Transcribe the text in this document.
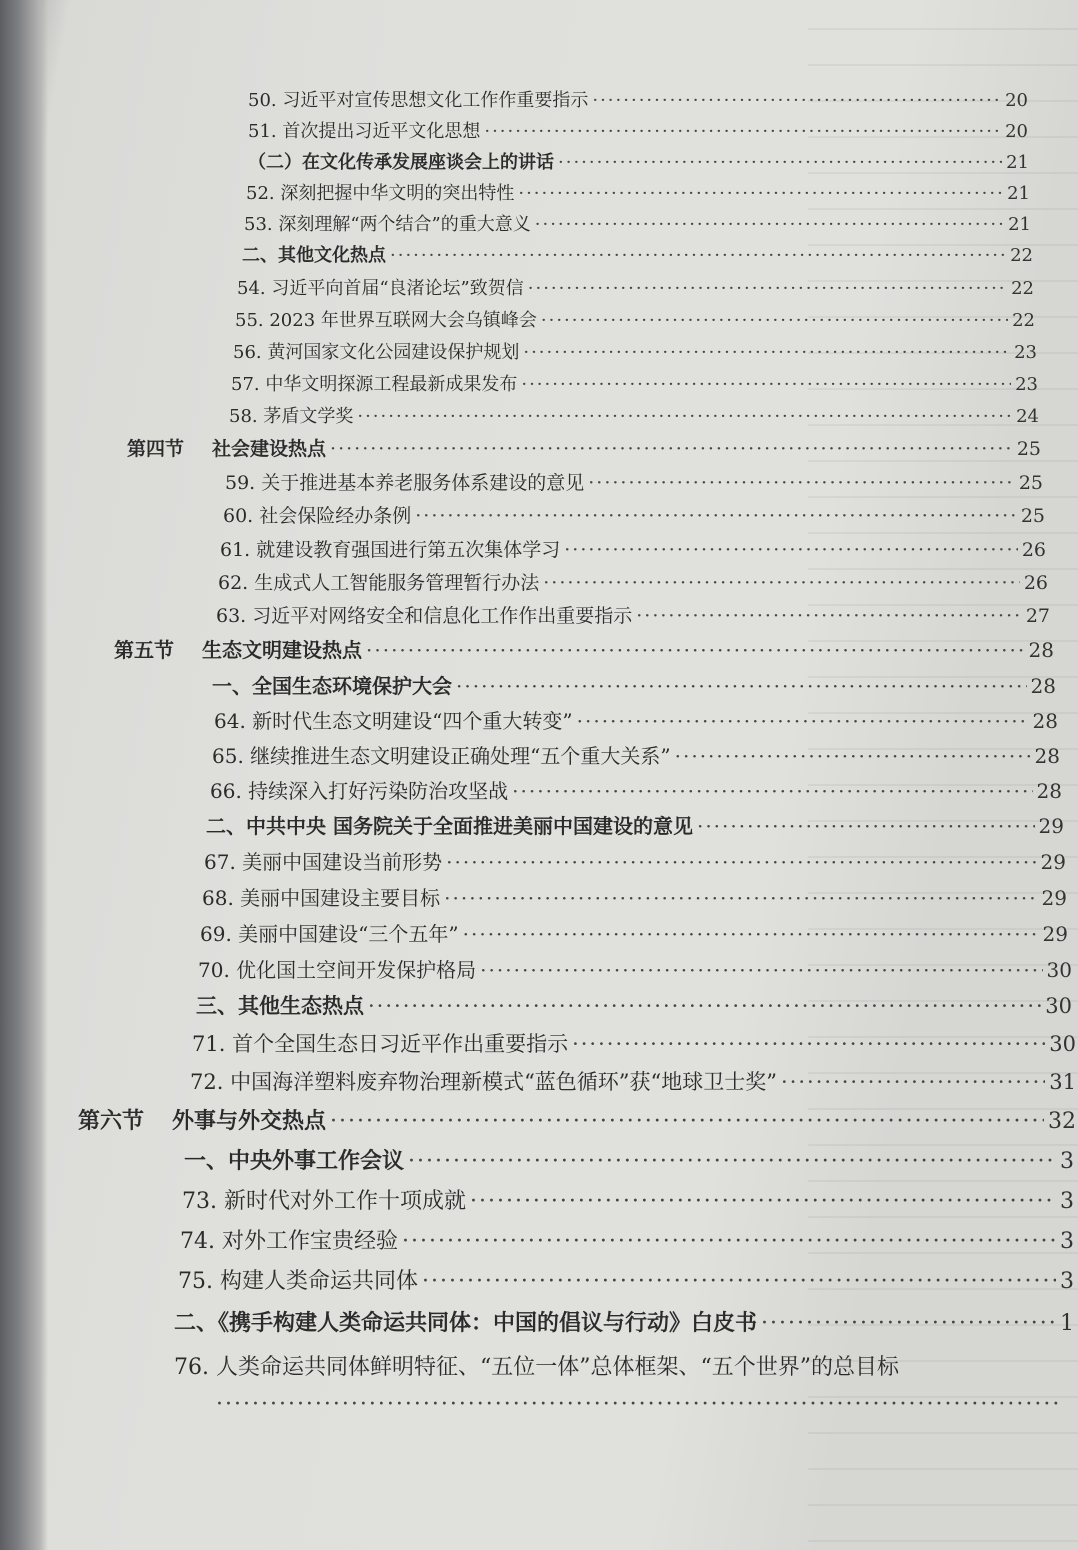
50. 习近平对宣传思想文化工作作重要指示 ·····	20
51. 首次提出习近平文化思想 ·····	20
（二）在文化传承发展座谈会上的讲话 ·····	21
52. 深刻把握中华文明的突出特性 ·····	21
53. 深刻理解“两个结合”的重大意义 ·····	21
二、其他文化热点 ·····	22
54. 习近平向首届“良渚论坛”致贺信 ·····	22
55. 2023 年世界互联网大会乌镇峰会 ·····	22
56. 黄河国家文化公园建设保护规划 ·····	23
57. 中华文明探源工程最新成果发布 ·····	23
58. 茅盾文学奖 ·····	24
第四节 社会建设热点 ·····	25
59. 关于推进基本养老服务体系建设的意见 ·····	25
60. 社会保险经办条例 ·····	25
61. 就建设教育强国进行第五次集体学习 ·····	26
62. 生成式人工智能服务管理暂行办法 ·····	26
63. 习近平对网络安全和信息化工作作出重要指示 ·····	27
第五节 生态文明建设热点 ·····	28
一、全国生态环境保护大会 ·····	28
64. 新时代生态文明建设“四个重大转变” ·····	28
65. 继续推进生态文明建设正确处理“五个重大关系” ·····	28
66. 持续深入打好污染防治攻坚战 ·····	28
二、中共中央 国务院关于全面推进美丽中国建设的意见 ·····	29
67. 美丽中国建设当前形势 ·····	29
68. 美丽中国建设主要目标 ·····	29
69. 美丽中国建设“三个五年” ·····	29
70. 优化国土空间开发保护格局 ·····	30
三、其他生态热点 ·····	30
71. 首个全国生态日习近平作出重要指示 ·····	30
72. 中国海洋塑料废弃物治理新模式“蓝色循环”获“地球卫士奖” ·····	31
第六节 外事与外交热点 ·····	32
一、中央外事工作会议 ·····	3
73. 新时代对外工作十项成就 ·····	3
74. 对外工作宝贵经验 ·····	3
75. 构建人类命运共同体 ·····	3
二、《携手构建人类命运共同体：中国的倡议与行动》白皮书 ·····	1
76. 人类命运共同体鲜明特征、“五位一体”总体框架、“五个世界”的总目标
·····
